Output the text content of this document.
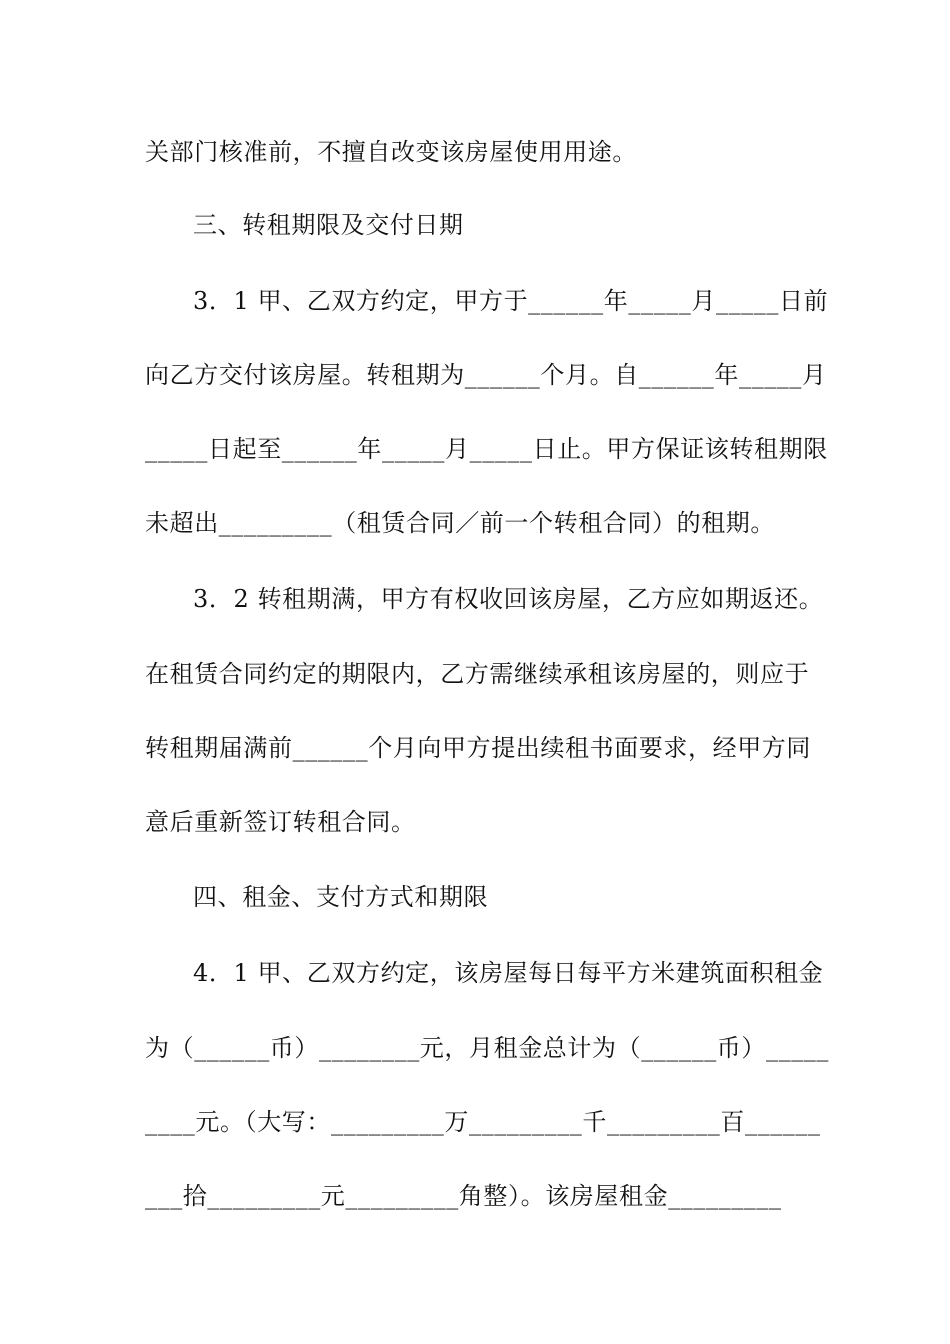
关部门核准前，不擅自改变该房屋使用用途。
三、转租期限及交付日期
3．1 甲、乙双方约定，甲方于______年_____月_____日前
向乙方交付该房屋。转租期为______个月。自______年_____月
_____日起至______年_____月_____日止。甲方保证该转租期限
未超出_________（租赁合同／前一个转租合同）的租期。
3．2 转租期满，甲方有权收回该房屋，乙方应如期返还。
在租赁合同约定的期限内，乙方需继续承租该房屋的，则应于
转租期届满前______个月向甲方提出续租书面要求，经甲方同
意后重新签订转租合同。
四、租金、支付方式和期限
4．1 甲、乙双方约定，该房屋每日每平方米建筑面积租金
为（______币）________元，月租金总计为（______币）_____
____元。（大写：_________万_________千_________百______
___拾_________元_________角整）。该房屋租金_________
